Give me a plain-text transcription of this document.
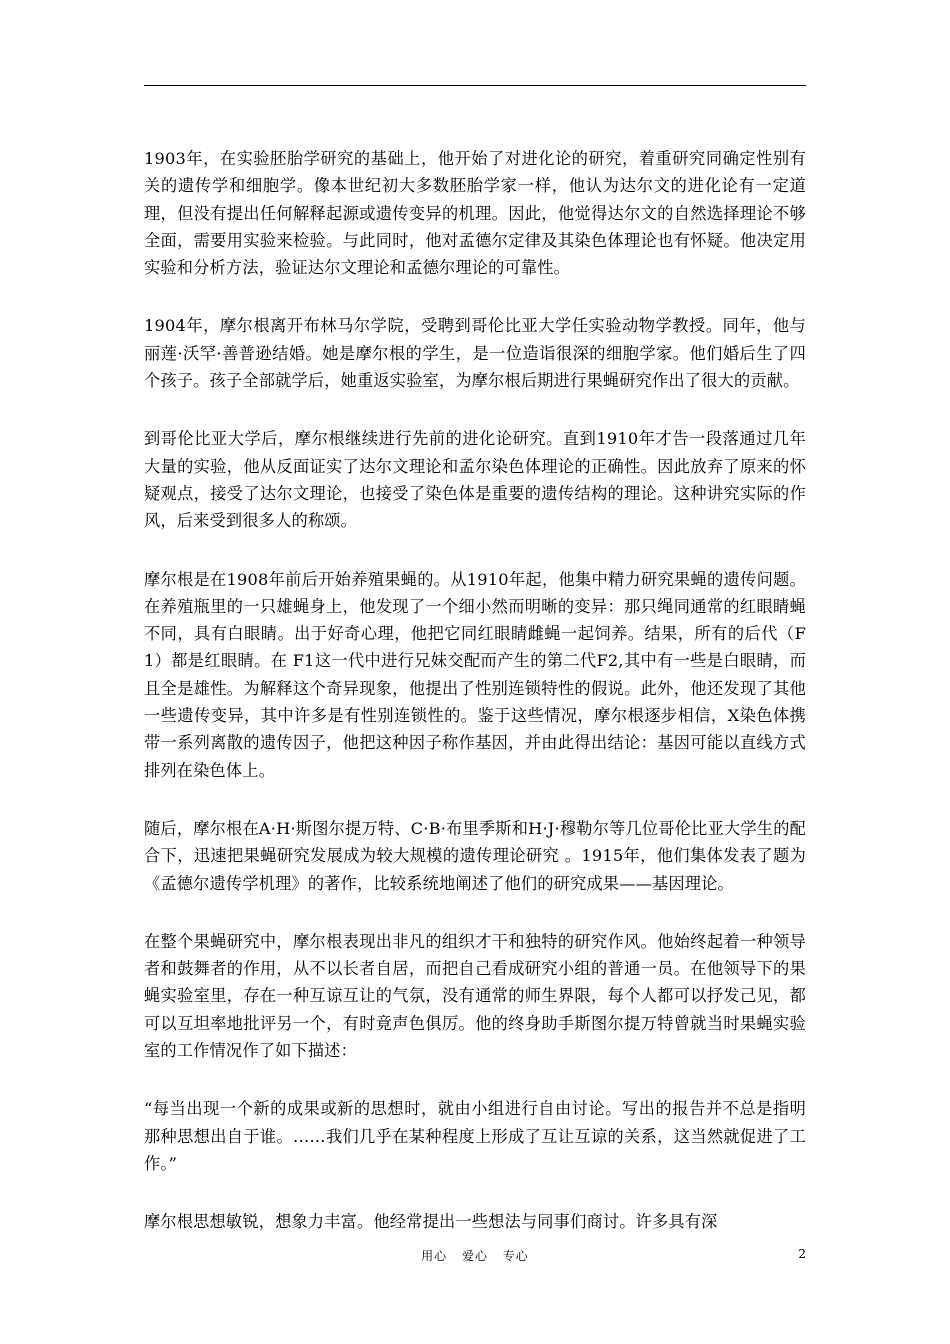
1903年，在实验胚胎学研究的基础上，他开始了对进化论的研究，着重研究同确定性别有关的遗传学和细胞学。像本世纪初大多数胚胎学家一样，他认为达尔文的进化论有一定道理，但没有提出任何解释起源或遗传变异的机理。因此，他觉得达尔文的自然选择理论不够全面，需要用实验来检验。与此同时，他对孟德尔定律及其染色体理论也有怀疑。他决定用实验和分析方法，验证达尔文理论和孟德尔理论的可靠性。

1904年，摩尔根离开布林马尔学院，受聘到哥伦比亚大学任实验动物学教授。同年，他与丽莲·沃罕·善普逊结婚。她是摩尔根的学生，是一位造诣很深的细胞学家。他们婚后生了四个孩子。孩子全部就学后，她重返实验室，为摩尔根后期进行果蝇研究作出了很大的贡献。

到哥伦比亚大学后，摩尔根继续进行先前的进化论研究。直到1910年才告一段落通过几年大量的实验，他从反面证实了达尔文理论和孟尔染色体理论的正确性。因此放弃了原来的怀疑观点，接受了达尔文理论，也接受了染色体是重要的遗传结构的理论。这种讲究实际的作风，后来受到很多人的称颂。

摩尔根是在1908年前后开始养殖果蝇的。从1910年起，他集中精力研究果蝇的遗传问题。在养殖瓶里的一只雄蝇身上，他发现了一个细小然而明晰的变异：那只绳同通常的红眼睛蝇不同，具有白眼睛。出于好奇心理，他把它同红眼睛雌蝇一起饲养。结果，所有的后代（F1）都是红眼睛。在 F1这一代中进行兄妹交配而产生的第二代F2,其中有一些是白眼睛，而且全是雄性。为解释这个奇异现象，他提出了性别连锁特性的假说。此外，他还发现了其他一些遗传变异，其中许多是有性别连锁性的。鉴于这些情况，摩尔根逐步相信，X染色体携带一系列离散的遗传因子，他把这种因子称作基因，并由此得出结论：基因可能以直线方式排列在染色体上。

随后，摩尔根在A·H·斯图尔提万特、C·B·布里季斯和H·J·穆勒尔等几位哥伦比亚大学生的配合下，迅速把果蝇研究发展成为较大规模的遗传理论研究 。1915年，他们集体发表了题为《孟德尔遗传学机理》的著作，比较系统地阐述了他们的研究成果——基因理论。

在整个果蝇研究中，摩尔根表现出非凡的组织才干和独特的研究作风。他始终起着一种领导者和鼓舞者的作用，从不以长者自居，而把自己看成研究小组的普通一员。在他领导下的果蝇实验室里，存在一种互谅互让的气氛，没有通常的师生界限，每个人都可以抒发己见，都可以互坦率地批评另一个，有时竟声色俱厉。他的终身助手斯图尔提万特曾就当时果蝇实验室的工作情况作了如下描述：

“每当出现一个新的成果或新的思想时，就由小组进行自由讨论。写出的报告并不总是指明那种思想出自于谁。……我们几乎在某种程度上形成了互让互谅的关系，这当然就促进了工作。”

摩尔根思想敏锐，想象力丰富。他经常提出一些想法与同事们商讨。许多具有深

用心 爱心 专心	2
